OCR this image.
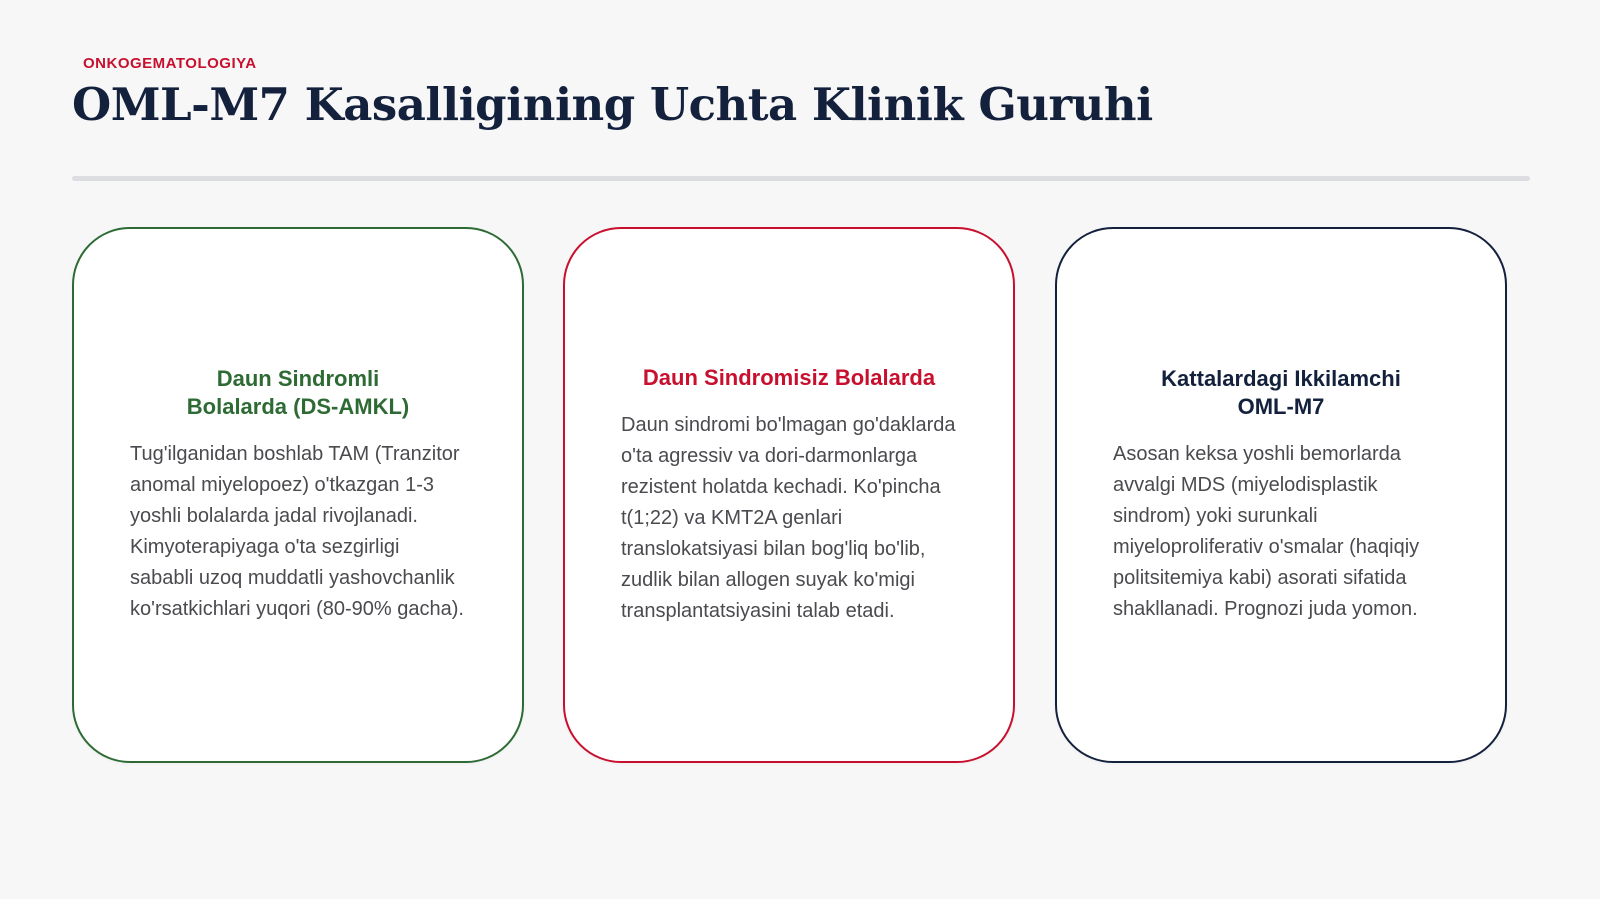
ONKOGEMATOLOGIYA
OML-M7 Kasalligining Uchta Klinik Guruhi
Daun Sindromli Bolalarda (DS-AMKL)

Tug'ilganidan boshlab TAM (Tranzitor anomal miyelopoez) o'tkazgan 1-3 yoshli bolalarda jadal rivojlanadi. Kimyoterapiyaga o'ta sezgirligi sababli uzoq muddatli yashovchanlik ko'rsatkichlari yuqori (80-90% gacha).

Daun Sindromisiz Bolalarda

Daun sindromi bo'lmagan go'daklarda o'ta agressiv va dori-darmonlarga rezistent holatda kechadi. Ko'pincha t(1;22) va KMT2A genlari translokatsiyasi bilan bog'liq bo'lib, zudlik bilan allogen suyak ko'migi transplantatsiyasini talab etadi.

Kattalardagi Ikkilamchi OML-M7

Asosan keksa yoshli bemorlarda avvalgi MDS (miyelodisplastik sindrom) yoki surunkali miyeloproliferativ o'smalar (haqiqiy politsitemiya kabi) asorati sifatida shakllanadi. Prognozi juda yomon.
